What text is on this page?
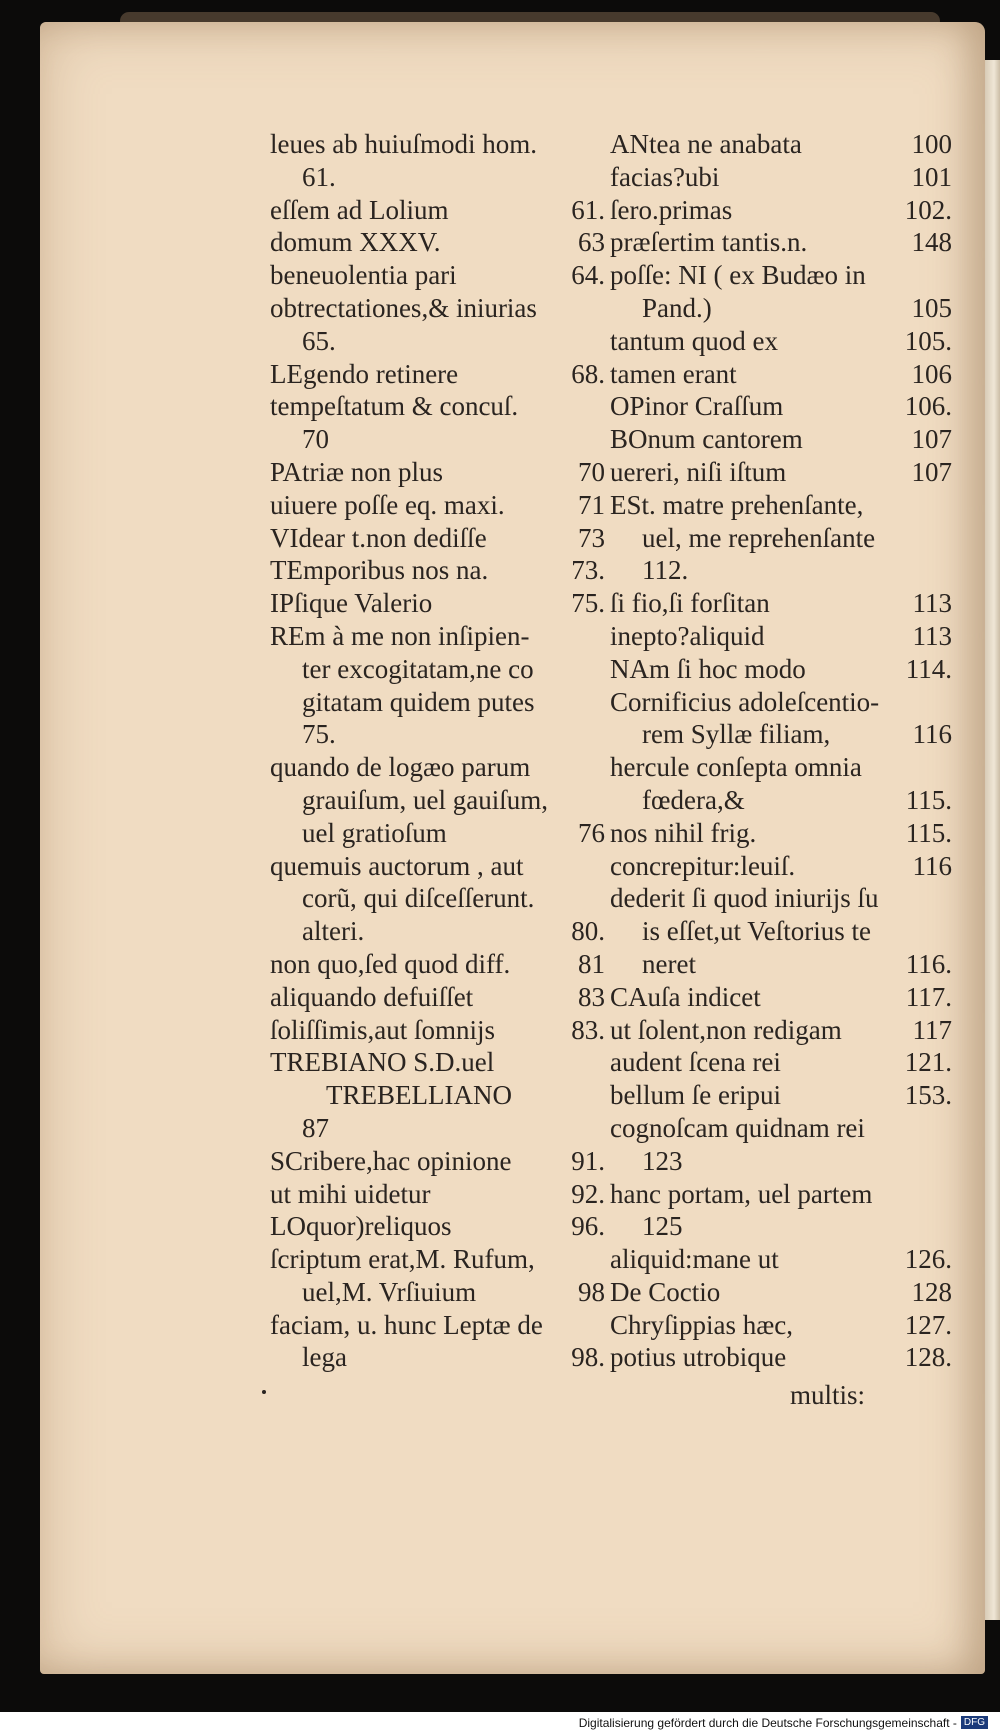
leues ab huiuſmodi hom.
61.
eſſem ad Lolium	61.
domum XXXV.	63
beneuolentia pari	64.
obtrectationes,& iniurias
65.
LEgendo retinere	68.
tempeſtatum & concuſ.
70
PAtriæ non plus	70
uiuere poſſe eq. maxi.	71
VIdear t.non dediſſe	73
TEmporibus nos na.	73.
IPſique Valerio	75.
REm à me non inſipien-
ter excogitatam,ne co
gitatam quidem putes
75.
quando de logæo parum
grauiſum, uel gauiſum,
uel gratioſum	76
quemuis auctorum , aut
corũ, qui diſceſſerunt.
alteri.	80.
non quo,ſed quod diff.	81
aliquando defuiſſet	83
ſoliſſimis,aut ſomnijs	83.
TREBIANO S.D.uel
TREBELLIANO
87
SCribere,hac opinione 91.
ut mihi uidetur	92.
LOquor)reliquos	96.
ſcriptum erat,M. Rufum,
uel,M. Vrſiuium	98
faciam, u. hunc Leptæ de
lega	98.
ANtea ne anabata	100
facias?ubi	101
ſero.primas	102.
præſertim tantis.n.	148
poſſe: NI ( ex Budæo in
Pand.)	105
tantum quod ex	105.
tamen erant	106
OPinor Craſſum	106.
BOnum cantorem	107
uereri, niſi iſtum	107
ESt. matre prehenſante,
uel, me reprehenſante
112.
ſi fio,ſi forſitan	113
inepto?aliquid	113
NAm ſi hoc modo	114.
Cornificius adoleſcentio-
rem Syllæ filiam,	116
hercule conſepta omnia
fœdera,&	115.
nos nihil frig.	115.
concrepitur:leuiſ.	116
dederit ſi quod iniurijs ſu
is eſſet,ut Veſtorius te
neret	116.
CAuſa indicet	117.
ut ſolent,non redigam	117
audent ſcena rei	121.
bellum ſe eripui	153.
cognoſcam quidnam rei
123
hanc portam, uel partem
125
aliquid:mane ut	126.
De Coctio	128
Chryſippias hæc,	127.
potius utrobique	128.
multis:
Digitalisierung gefördert durch die Deutsche Forschungsgemeinschaft - DFG
